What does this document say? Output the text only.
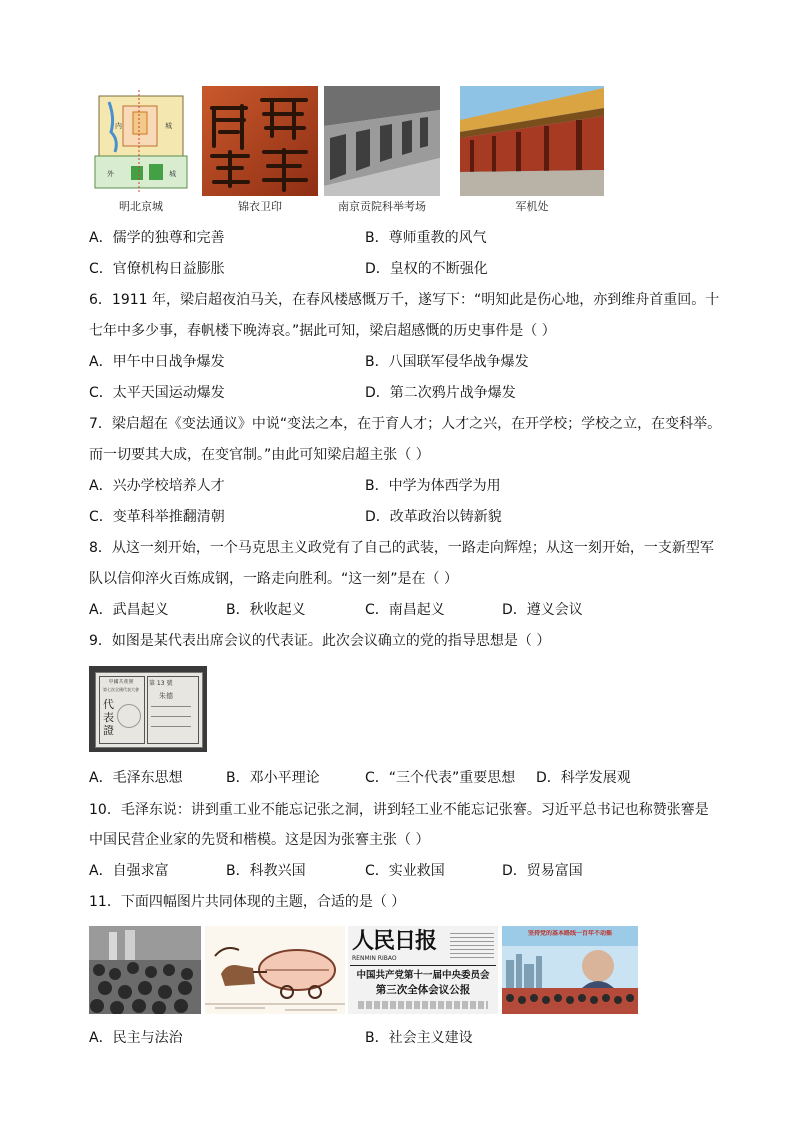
内	城
外	城
明北京城	锦衣卫印	南京贡院科举考场	军机处
A．儒学的独尊和完善	B．尊师重教的风气
C．官僚机构日益膨胀	D．皇权的不断强化
6．1911 年，梁启超夜泊马关，在春风楼感慨万千，遂写下：“明知此是伤心地，亦到维舟首重回。十
七年中多少事，春帆楼下晚涛哀。”据此可知，梁启超感慨的历史事件是（ ）
A．甲午中日战争爆发	B．八国联军侵华战争爆发
C．太平天国运动爆发	D．第二次鸦片战争爆发
7．梁启超在《变法通议》中说“变法之本，在于育人才；人才之兴，在开学校；学校之立，在变科举。
而一切要其大成，在变官制。”由此可知梁启超主张（ ）
A．兴办学校培养人才	B．中学为体西学为用
C．变革科举推翻清朝	D．改革政治以铸新貌
8．从这一刻开始，一个马克思主义政党有了自己的武装，一路走向辉煌；从这一刻开始，一支新型军
队以信仰淬火百炼成钢，一路走向胜利。“这一刻”是在（ ）
A．武昌起义	B．秋收起义	C．南昌起义	D．遵义会议
9．如图是某代表出席会议的代表证。此次会议确立的党的指导思想是（ ）
中國共產黨
第七次全國代表大會
代表證
第 13 號
朱德
A．毛泽东思想	B．邓小平理论	C．“三个代表”重要思想 D．科学发展观
10．毛泽东说：讲到重工业不能忘记张之洞，讲到轻工业不能忘记张謇。习近平总书记也称赞张謇是
中国民营企业家的先贤和楷模。这是因为张謇主张（ ）
A．自强求富	B．科教兴国	C．实业救国	D．贸易富国
11．下面四幅图片共同体现的主题，合适的是（ ）
人民日报
RENMIN RIBAO
中国共产党第十一届中央委员会
第三次全体会议公报
坚持党的基本路线一百年不动摇
A．民主与法治	B．社会主义建设
